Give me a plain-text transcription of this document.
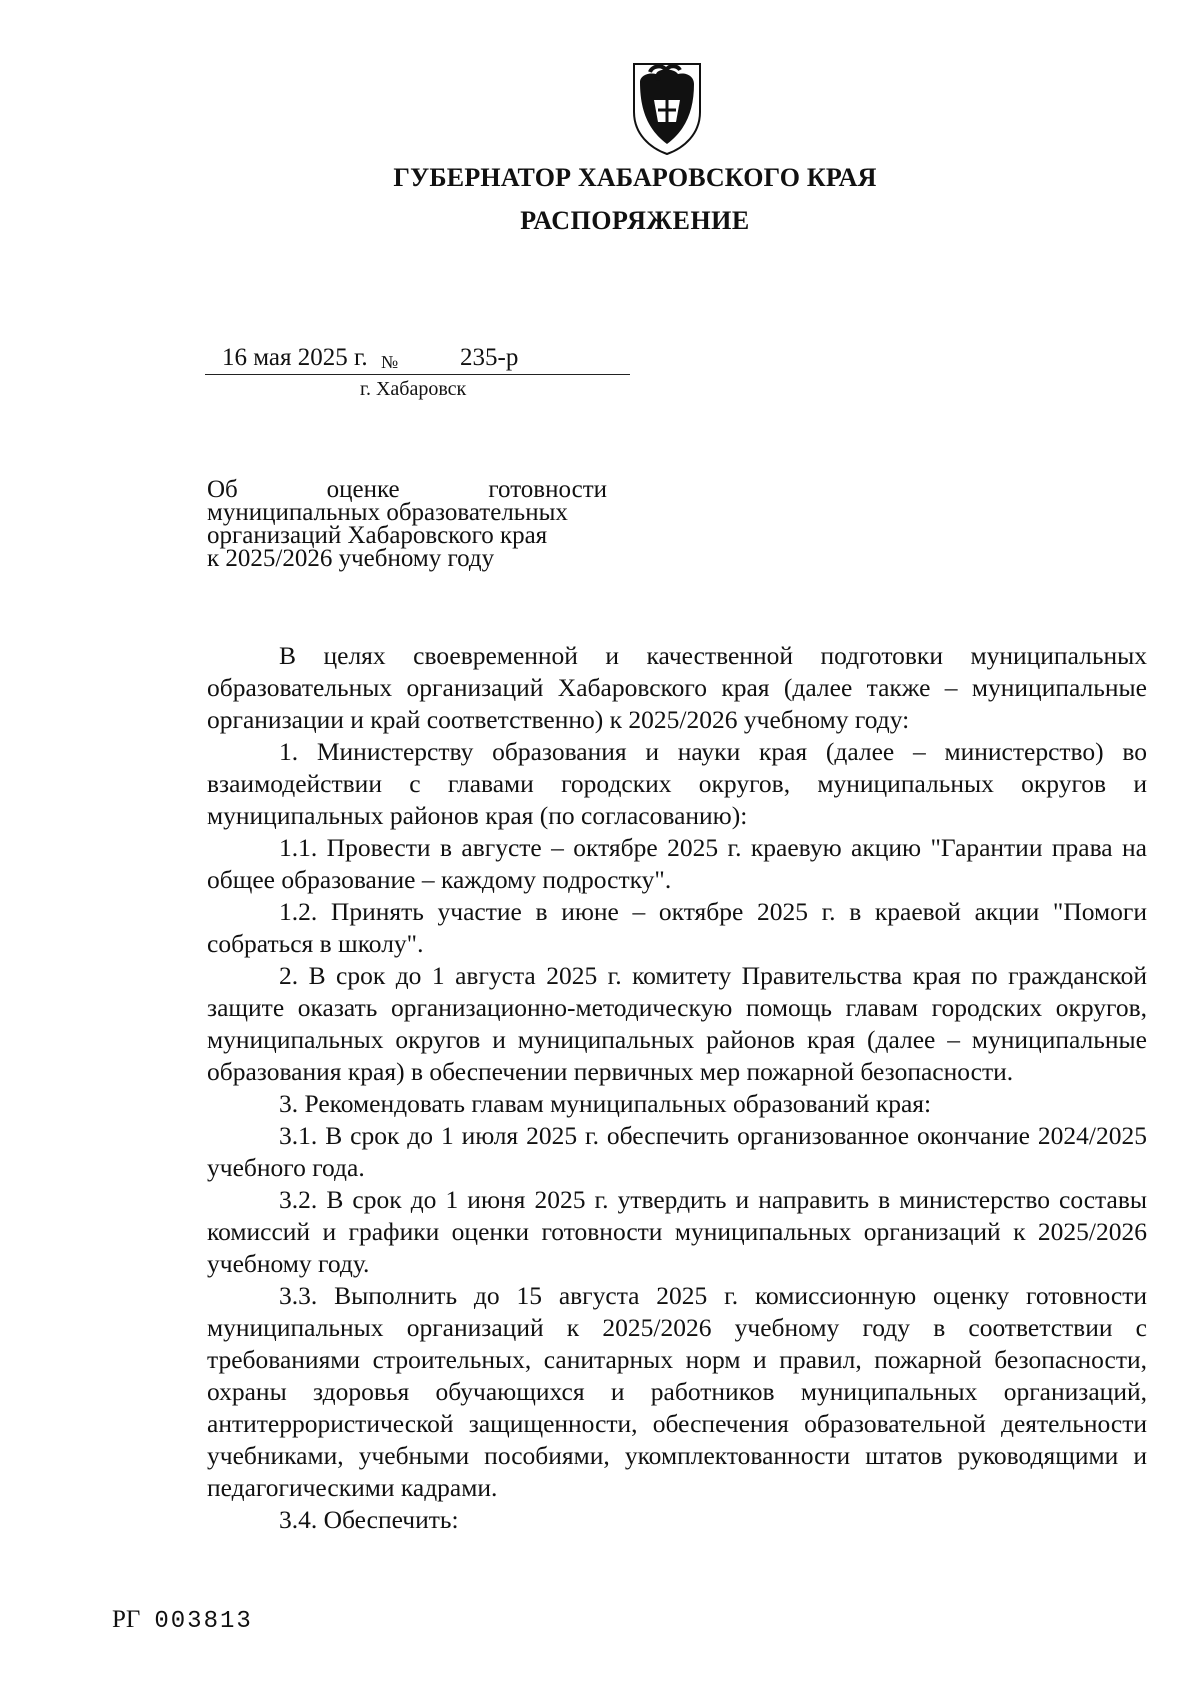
ГУБЕРНАТОР ХАБАРОВСКОГО КРАЯ
РАСПОРЯЖЕНИЕ
16 мая 2025 г. № 235-р
г. Хабаровск
Об оценке готовности
муниципальных образовательных
организаций Хабаровского края
к 2025/2026 учебному году

В целях своевременной и качественной подготовки муниципальных образовательных организаций Хабаровского края (далее также – муниципальные организации и край соответственно) к 2025/2026 учебному году:

1. Министерству образования и науки края (далее – министерство) во взаимодействии с главами городских округов, муниципальных округов и муниципальных районов края (по согласованию):

1.1. Провести в августе – октябре 2025 г. краевую акцию "Гарантии права на общее образование – каждому подростку".

1.2. Принять участие в июне – октябре 2025 г. в краевой акции "Помоги собраться в школу".

2. В срок до 1 августа 2025 г. комитету Правительства края по гражданской защите оказать организационно-методическую помощь главам городских округов, муниципальных округов и муниципальных районов края (далее – муниципальные образования края) в обеспечении первичных мер пожарной безопасности.

3. Рекомендовать главам муниципальных образований края:

3.1. В срок до 1 июля 2025 г. обеспечить организованное окончание 2024/2025 учебного года.

3.2. В срок до 1 июня 2025 г. утвердить и направить в министерство составы комиссий и графики оценки готовности муниципальных организаций к 2025/2026 учебному году.

3.3. Выполнить до 15 августа 2025 г. комиссионную оценку готовности муниципальных организаций к 2025/2026 учебному году в соответствии с требованиями строительных, санитарных норм и правил, пожарной безопасности, охраны здоровья обучающихся и работников муниципальных организаций, антитеррористической защищенности, обеспечения образовательной деятельности учебниками, учебными пособиями, укомплектованности штатов руководящими и педагогическими кадрами.

3.4. Обеспечить:

РГ 003813
